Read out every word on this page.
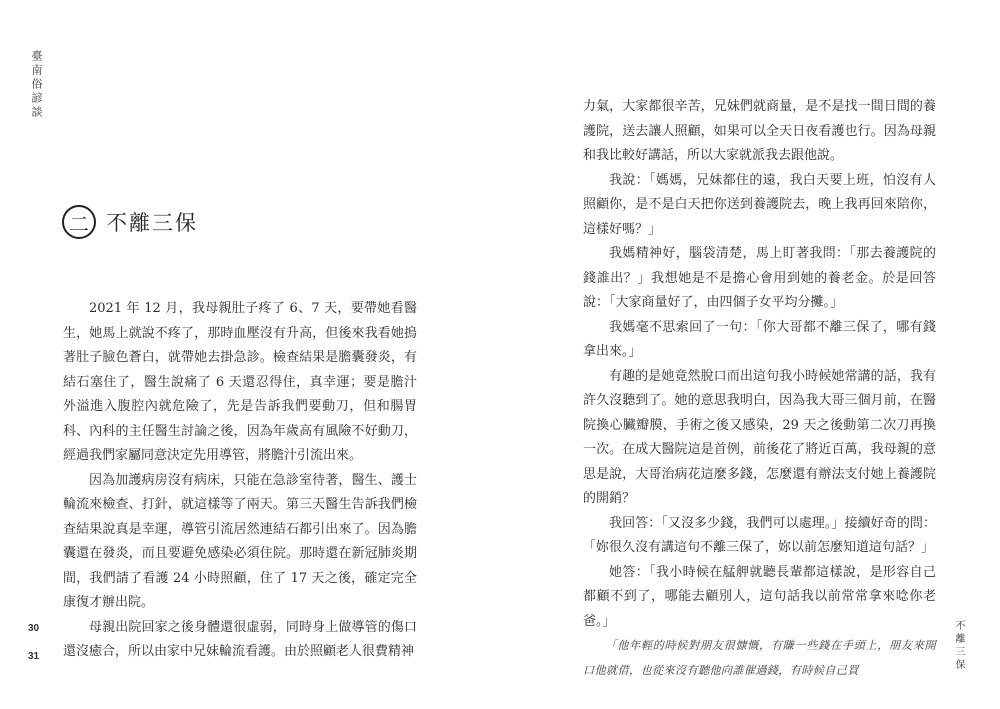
臺南俗諺談
二 不離三保

2021 年 12 月，我母親肚子疼了 6、7 天，要帶她看醫生，她馬上就說不疼了，那時血壓沒有升高，但後來我看她摀著肚子臉色蒼白，就帶她去掛急診。檢查結果是膽囊發炎，有結石塞住了，醫生說痛了 6 天還忍得住，真幸運；要是膽汁外溢進入腹腔內就危險了，先是告訴我們要動刀，但和腸胃科、內科的主任醫生討論之後，因為年歲高有風險不好動刀，經過我們家屬同意決定先用導管，將膽汁引流出來。

因為加護病房沒有病床，只能在急診室待著，醫生、護士輪流來檢查、打針，就這樣等了兩天。第三天醫生告訴我們檢查結果說真是幸運，導管引流居然連結石都引出來了。因為膽囊還在發炎，而且要避免感染必須住院。那時還在新冠肺炎期間，我們請了看護 24 小時照顧，住了 17 天之後，確定完全康復才辦出院。

母親出院回家之後身體還很虛弱，同時身上做導管的傷口還沒癒合，所以由家中兄妹輪流看護。由於照顧老人很費精神

30
31

力氣，大家都很辛苦，兄妹們就商量，是不是找一間日間的養護院，送去讓人照顧，如果可以全天日夜看護也行。因為母親和我比較好講話，所以大家就派我去跟他說。

我說：「媽媽，兄妹都住的遠，我白天要上班，怕沒有人照顧你，是不是白天把你送到養護院去，晚上我再回來陪你，這樣好嗎？」

我媽精神好，腦袋清楚，馬上盯著我問：「那去養護院的錢誰出？」我想她是不是擔心會用到她的養老金。於是回答說：「大家商量好了，由四個子女平均分攤。」

我媽毫不思索回了一句：「你大哥都不離三保了，哪有錢拿出來。」

有趣的是她竟然脫口而出這句我小時候她常講的話，我有許久沒聽到了。她的意思我明白，因為我大哥三個月前，在醫院換心臟瓣膜，手術之後又感染，29 天之後動第二次刀再換一次。在成大醫院這是首例，前後花了將近百萬，我母親的意思是說，大哥治病花這麼多錢，怎麼還有辦法支付她上養護院的開銷？

我回答：「又沒多少錢，我們可以處理。」接續好奇的問：「妳很久沒有講這句不離三保了，妳以前怎麼知道這句話？」

她答：「我小時候在艋舺就聽長輩都這樣說，是形容自己都顧不到了，哪能去顧別人，這句話我以前常常拿來唸你老爸。」

「他年輕的時候對朋友很慷慨，有賺一些錢在手頭上，朋友來開口他就借，也從來沒有聽他向誰催過錢，有時候自己買	不離三保
